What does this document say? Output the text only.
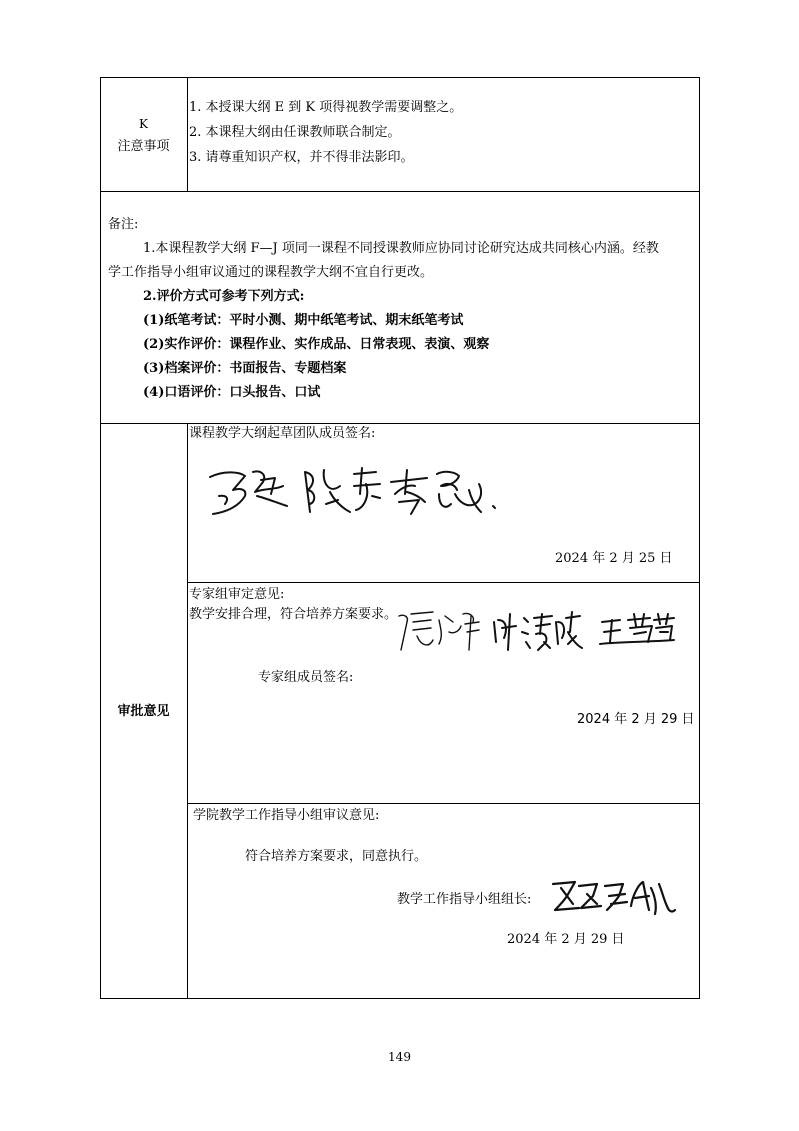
K
注意事项
1. 本授课大纲 E 到 K 项得视教学需要调整之。
2. 本课程大纲由任课教师联合制定。
3. 请尊重知识产权，并不得非法影印。
备注:
1.本课程教学大纲 F—J 项同一课程不同授课教师应协同讨论研究达成共同核心内涵。经教
学工作指导小组审议通过的课程教学大纲不宜自行更改。
2.评价方式可参考下列方式:
(1)纸笔考试：平时小测、期中纸笔考试、期末纸笔考试
(2)实作评价：课程作业、实作成品、日常表现、表演、观察
(3)档案评价：书面报告、专题档案
(4)口语评价：口头报告、口试
审批意见
课程教学大纲起草团队成员签名:
2024 年 2 月 25 日
专家组审定意见:
教学安排合理，符合培养方案要求。
专家组成员签名:
2024 年 2 月 29 日
学院教学工作指导小组审议意见:
符合培养方案要求，同意执行。
教学工作指导小组组长:
2024 年 2 月 29 日
149
